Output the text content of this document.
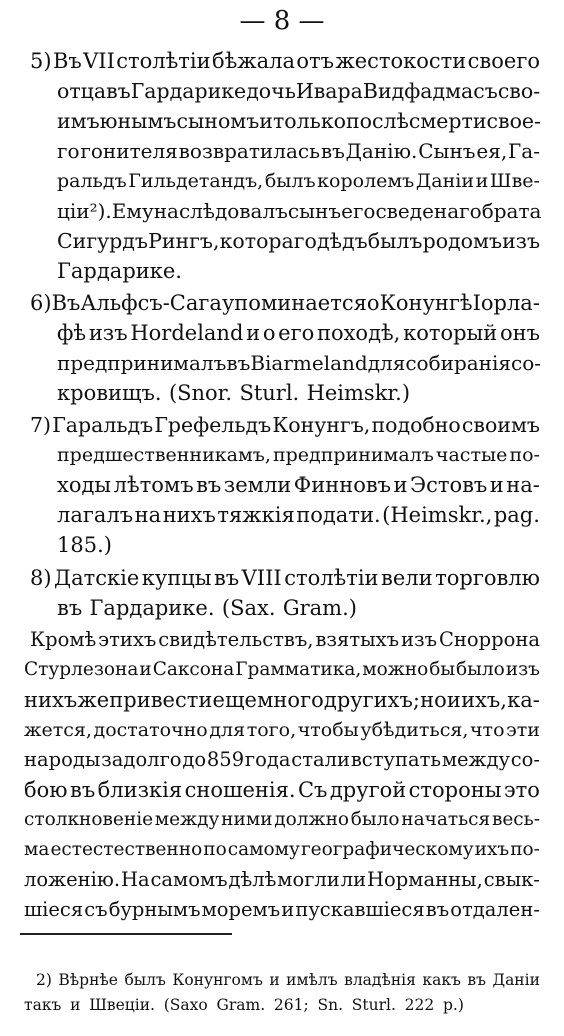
— 8 —
5) Въ VII столѣтіи бѣжала отъ жестокости своего
отца въ Гардарике дочь Ивара Видфадма съ сво-
имъ юнымъ сыномъ и только послѣ смерти свое-
го гонителя возвратилась въ Данію. Сынъ ея, Га-
ральдъ Гильдетандъ, былъ королемъ Даніи и Шве-
ціи ²). Ему наслѣдовалъ сынъ его сведенаго брата
Сигурдъ Рингъ, котораго дѣдъ былъ родомъ изъ
Гардарике.
6) Въ Альфсъ-Сага упоминается о Конунгѣ Іорла-
фѣ изъ Hordeland и о его походѣ, который онъ
предпринималъ въ Biarmeland для собиранія со-
кровищъ. (Snor. Sturl. Heimskr.)
7) Гаральдъ Грефельдъ Конунгъ, подобно своимъ
предшественникамъ, предпринималъ частые по-
ходы лѣтомъ въ земли Финновъ и Эстовъ и на-
лагалъ на нихъ тяжкія подати. (Heimskr., pag.
185.)
8) Датскіе купцы въ VIII столѣтіи вели торговлю
въ Гардарике. (Sax. Gram.)
Кромѣ этихъ свидѣтельствъ, взятыхъ изъ Сноррона
Стурлезона и Саксона Грамматика, можно бы было изъ
нихъ же привести еще много другихъ; но и ихъ, ка-
жется, достаточно для того, чтобы убѣдиться, что эти
народы задолго до 859 года стали вступать между со-
бою въ близкія сношенія. Съ другой стороны это
столкновеніе между ними должно было начаться весь-
ма естестественно по самому географическому ихъ по-
ложенію. На самомъ дѣлѣ могли ли Норманны, свык-
шіеся съ бурнымъ моремъ и пускавшіеся въ отдален-
2) Вѣрнѣе былъ Конунгомъ и имѣлъ владѣнія какъ въ Даніи
такъ и Швеціи. (Saxo Gram. 261; Sn. Sturl. 222 p.)
